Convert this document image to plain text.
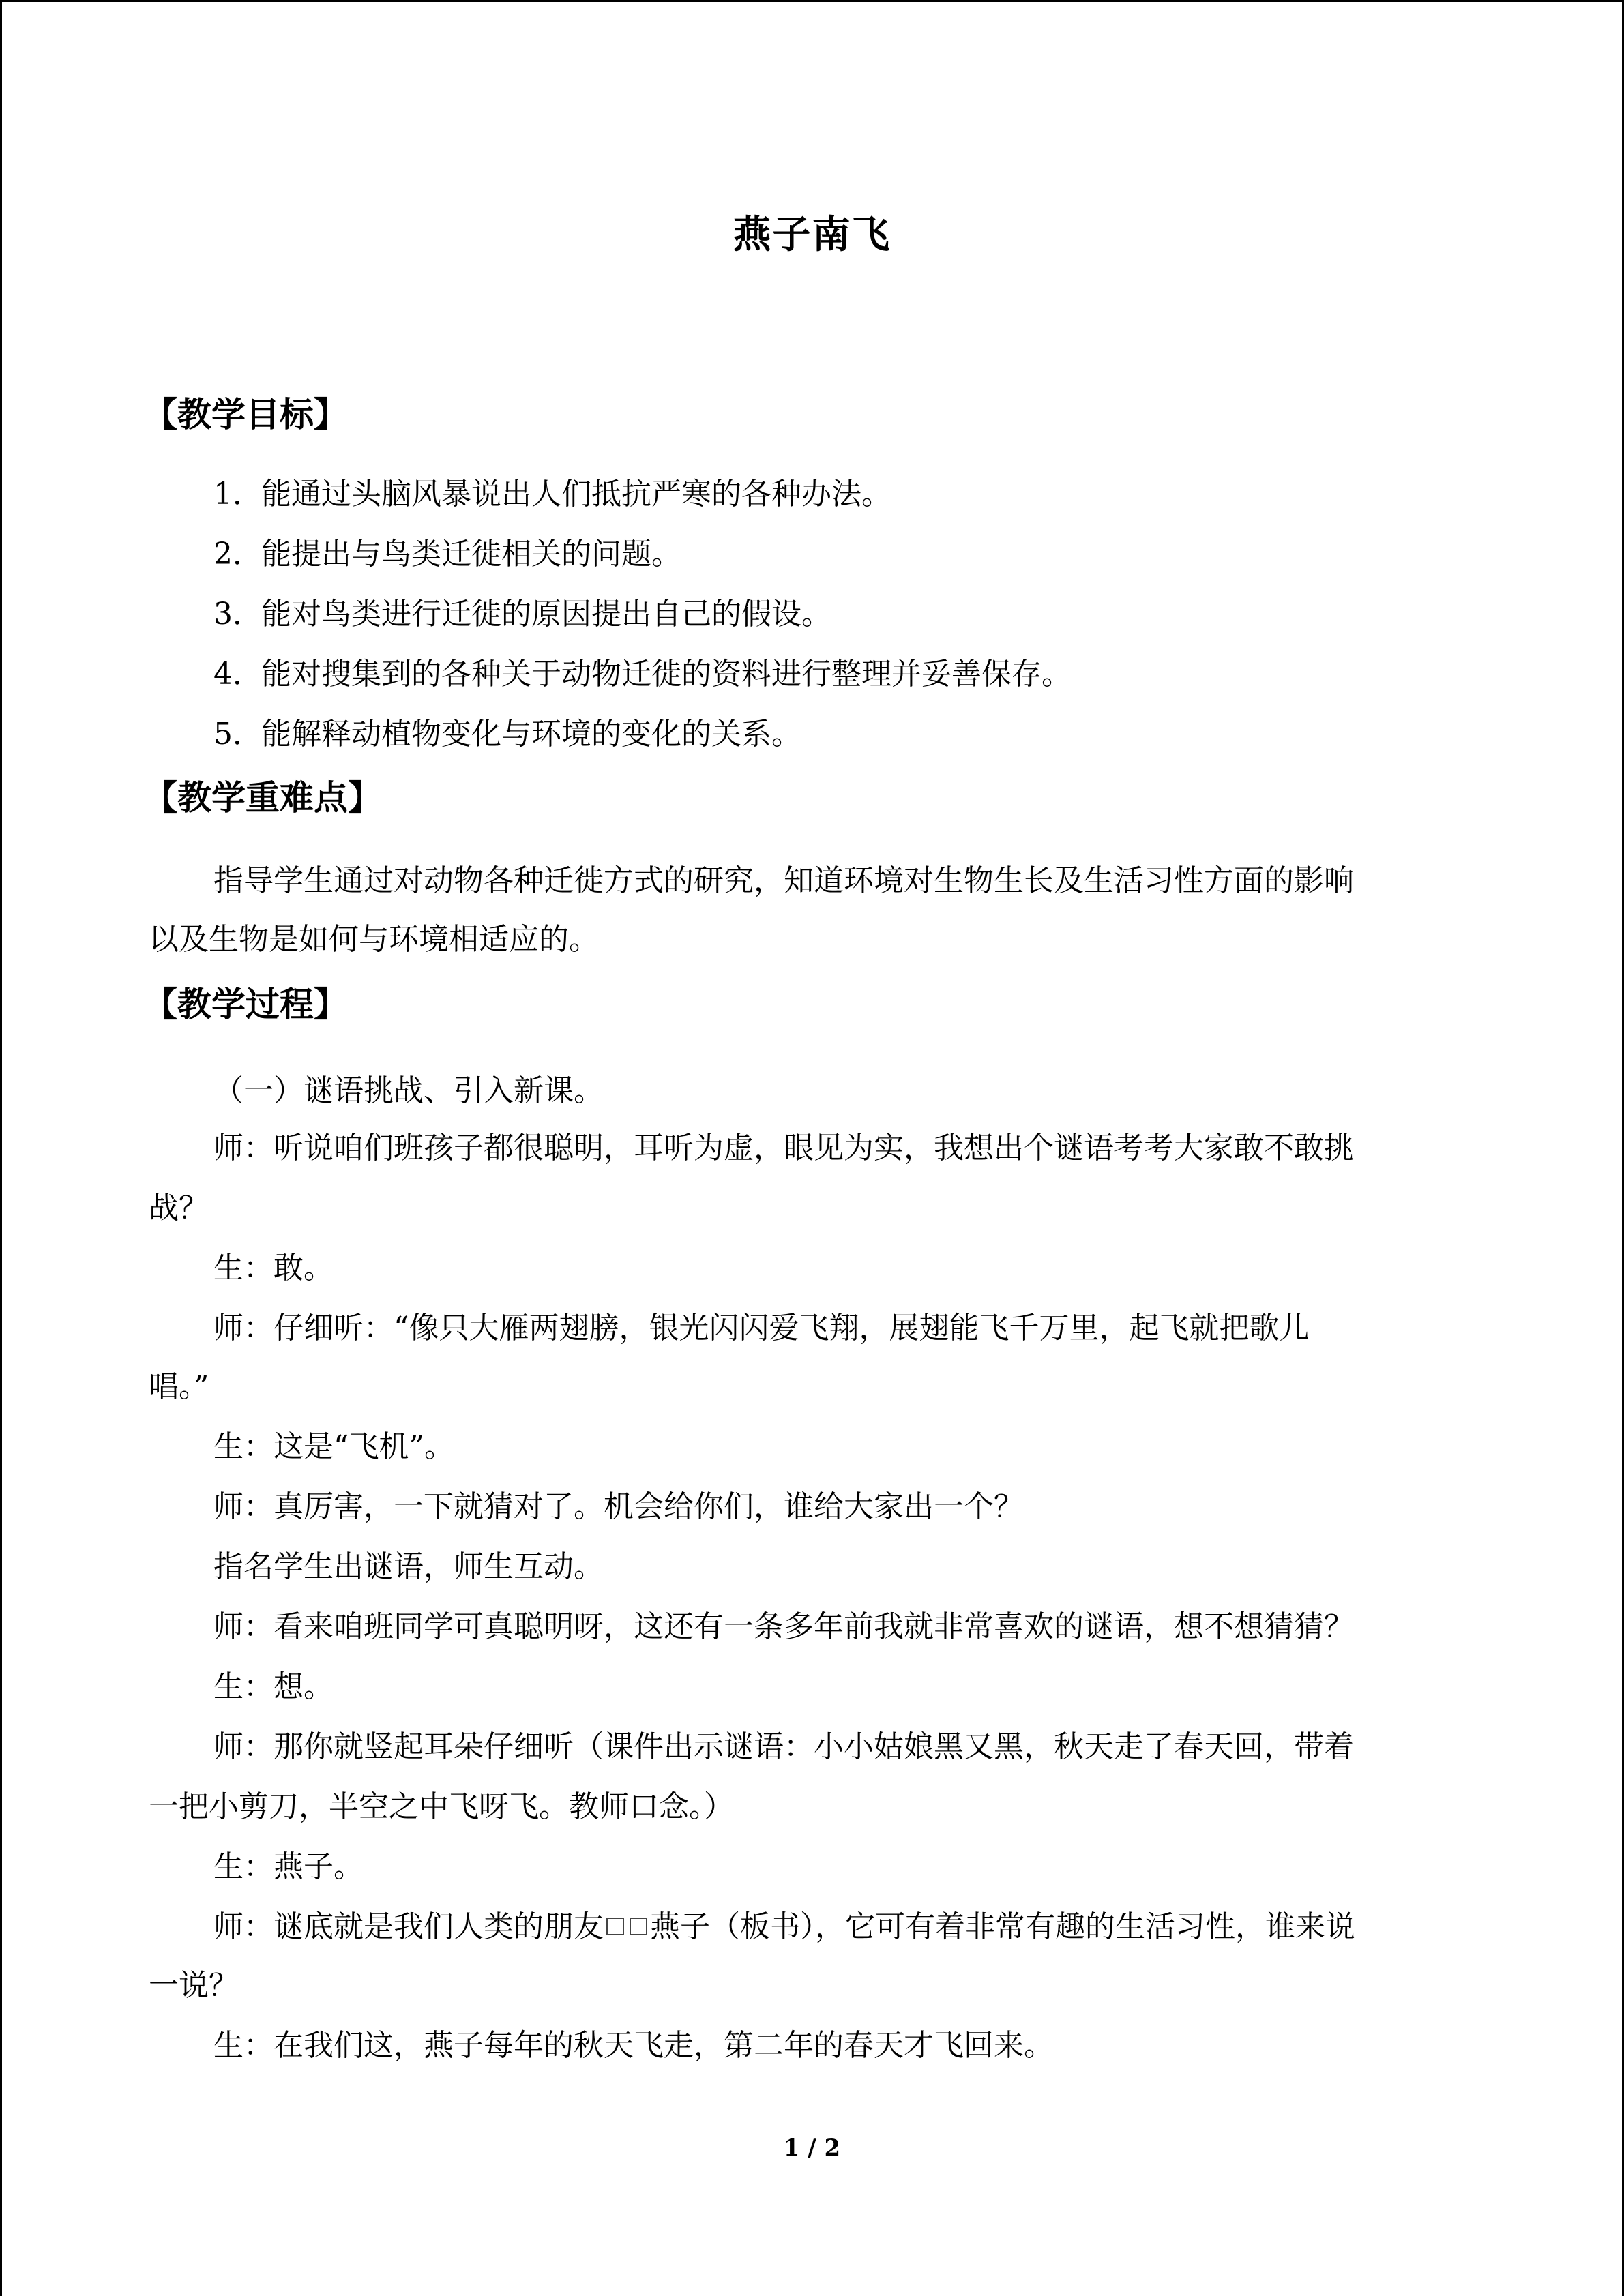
燕子南飞
【教学目标】
1．能通过头脑风暴说出人们抵抗严寒的各种办法。
2．能提出与鸟类迁徙相关的问题。
3．能对鸟类进行迁徙的原因提出自己的假设。
4．能对搜集到的各种关于动物迁徙的资料进行整理并妥善保存。
5．能解释动植物变化与环境的变化的关系。
【教学重难点】
指导学生通过对动物各种迁徙方式的研究，知道环境对生物生长及生活习性方面的影响
以及生物是如何与环境相适应的。
【教学过程】
（一）谜语挑战、引入新课。
师：听说咱们班孩子都很聪明，耳听为虚，眼见为实，我想出个谜语考考大家敢不敢挑
战？
生：敢。
师：仔细听：“像只大雁两翅膀，银光闪闪爱飞翔，展翅能飞千万里，起飞就把歌儿
唱。”
生：这是“飞机”。
师：真厉害，一下就猜对了。机会给你们，谁给大家出一个？
指名学生出谜语，师生互动。
师：看来咱班同学可真聪明呀，这还有一条多年前我就非常喜欢的谜语，想不想猜猜？
生：想。
师：那你就竖起耳朵仔细听（课件出示谜语：小小姑娘黑又黑，秋天走了春天回，带着
一把小剪刀，半空之中飞呀飞。教师口念。）
生：燕子。
师：谜底就是我们人类的朋友 燕子（板书），它可有着非常有趣的生活习性，谁来说
一说？
生：在我们这，燕子每年的秋天飞走，第二年的春天才飞回来。
1 / 2
